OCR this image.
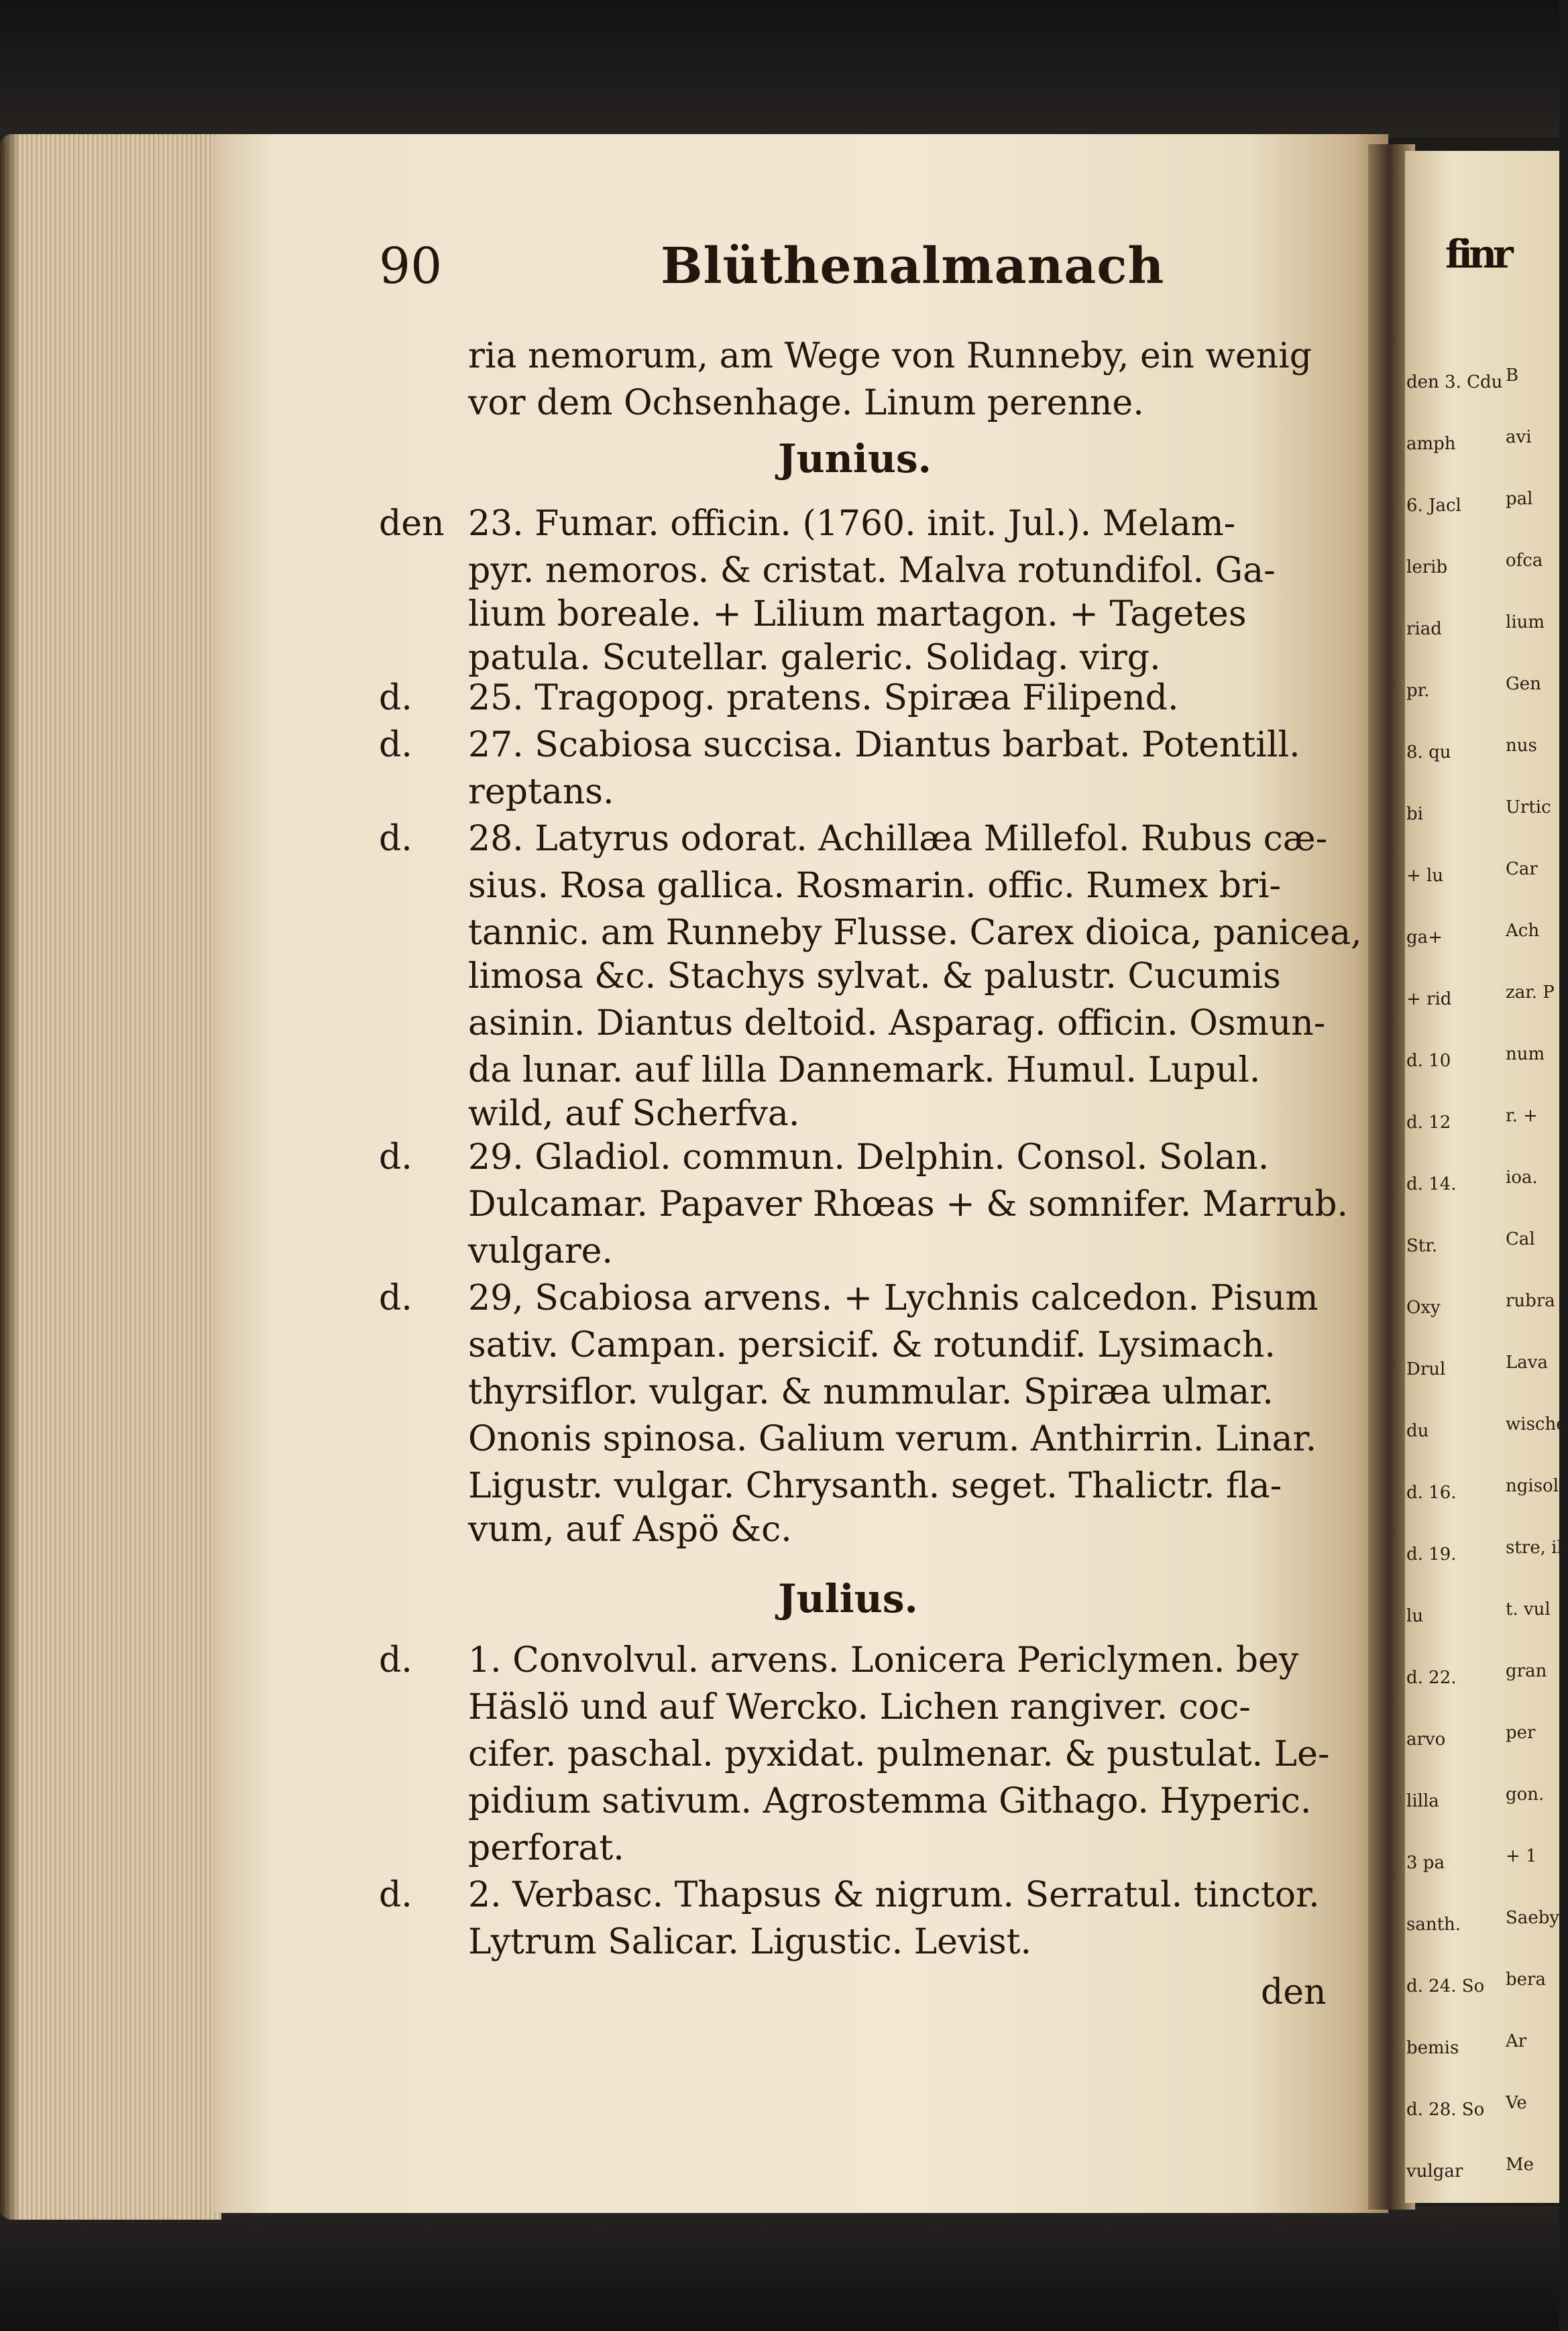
finr
den 3. Cdu
amph
6. Jacl
lerib
riad
pr.
8. qu
bi
+ lu
ga+
+ rid
d. 10
d. 12
d. 14.
Str.
Oxy
Drul
du
d. 16.
d. 19.
lu
d. 22.
arvo
lilla
3 pa
santh.
d. 24. So
bemis
d. 28. So
vulgar
B
avi
pal
ofca
lium
Gen
nus
Urtic
Car
Ach
zar. P
num
r. +
ioa.
Cal
rubra
Lava
wische
ngisol
stre, ib
t. vul
gran
per
gon.
+ 1
Saeby
bera
Ar
Ve
Me
90	Blüthenalmanach
ria nemorum, am Wege von Runneby, ein wenig
vor dem Ochsenhage. Linum perenne.
Junius.
den
d.
d.
d.
d.
d.
23. Fumar. officin. (1760. init. Jul.). Melam-
pyr. nemoros. & cristat. Malva rotundifol. Ga-
lium boreale. + Lilium martagon. + Tagetes
patula. Scutellar. galeric. Solidag. virg.
25. Tragopog. pratens. Spiræa Filipend.
27. Scabiosa succisa. Diantus barbat. Potentill.
reptans.
28. Latyrus odorat. Achillæa Millefol. Rubus cæ-
sius. Rosa gallica. Rosmarin. offic. Rumex bri-
tannic. am Runneby Flusse. Carex dioica, panicea,
limosa &c. Stachys sylvat. & palustr. Cucumis
asinin. Diantus deltoid. Asparag. officin. Osmun-
da lunar. auf lilla Dannemark. Humul. Lupul.
wild, auf Scherfva.
29. Gladiol. commun. Delphin. Consol. Solan.
Dulcamar. Papaver Rhœas + & somnifer. Marrub.
vulgare.
29, Scabiosa arvens. + Lychnis calcedon. Pisum
sativ. Campan. persicif. & rotundif. Lysimach.
thyrsiflor. vulgar. & nummular. Spiræa ulmar.
Ononis spinosa. Galium verum. Anthirrin. Linar.
Ligustr. vulgar. Chrysanth. seget. Thalictr. fla-
vum, auf Aspö &c.
Julius.
d.
d.
1. Convolvul. arvens. Lonicera Periclymen. bey
Häslö und auf Wercko. Lichen rangiver. coc-
cifer. paschal. pyxidat. pulmenar. & pustulat. Le-
pidium sativum. Agrostemma Githago. Hyperic.
perforat.
2. Verbasc. Thapsus & nigrum. Serratul. tinctor.
Lytrum Salicar. Ligustic. Levist.
den
